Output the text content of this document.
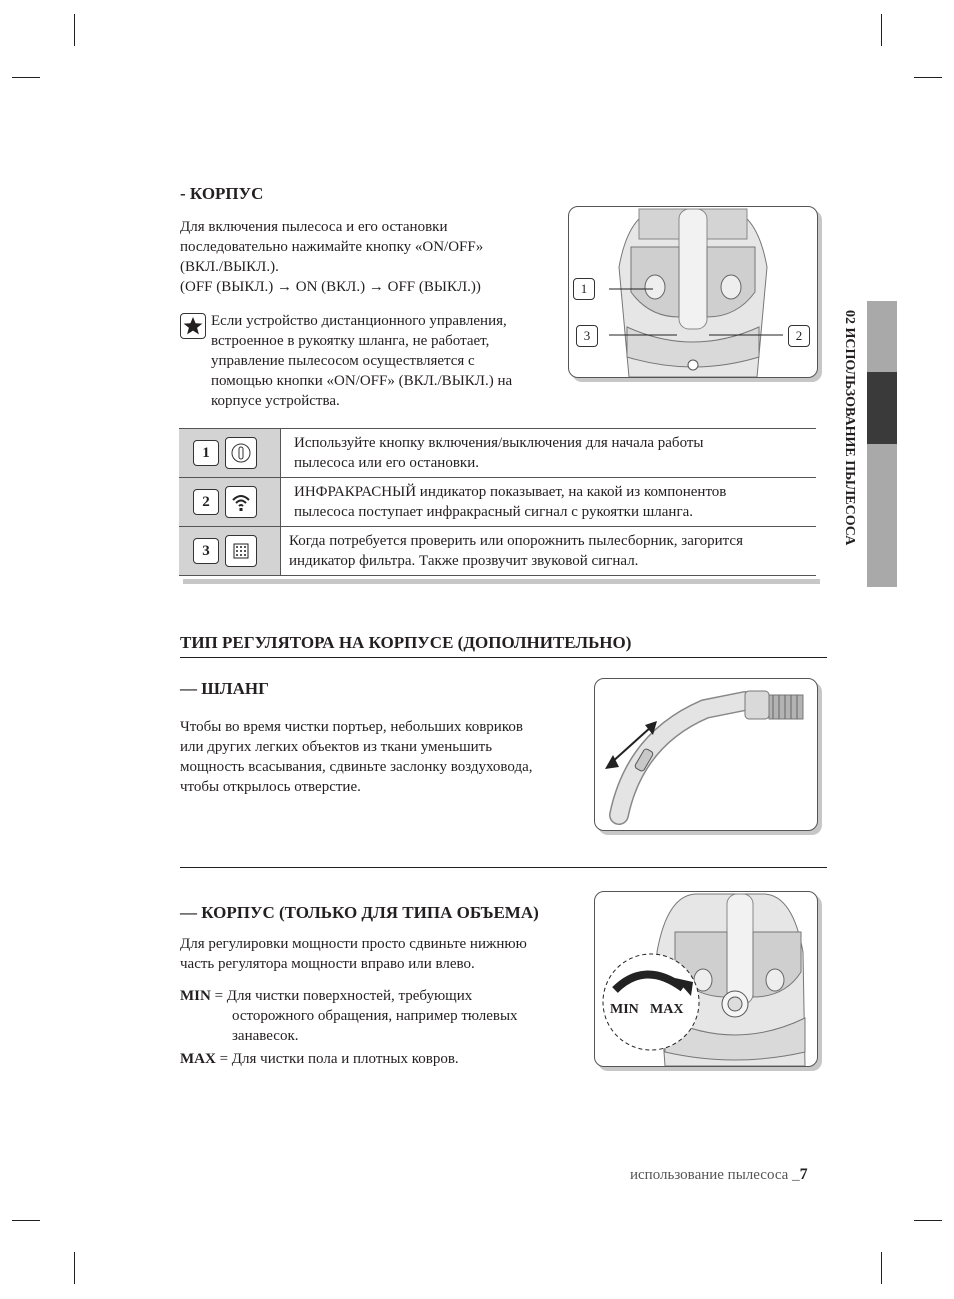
02 ИСПОЛЬЗОВАНИЕ ПЫЛЕСОСА
- КОРПУС

Для включения пылесоса и его остановки

последовательно нажимайте кнопку «ON/OFF»

(ВКЛ./ВЫКЛ.).

(OFF (ВЫКЛ.) → ON (ВКЛ.) → OFF (ВЫКЛ.))

Если устройство дистанционного управления,

встроенное в рукоятку шланга, не работает,

управление пылесосом осуществляется с

помощью кнопки «ON/OFF» (ВКЛ./ВЫКЛ.) на

корпусе устройства.

1
3	2
1	Используйте кнопку включения/выключения для начала работы
пылесоса или его остановки.

2	ИНФРАКРАСНЫЙ индикатор показывает, на какой из компонентов
пылесоса поступает инфракрасный сигнал с рукоятки шланга.

3	Когда потребуется проверить или опорожнить пылесборник, загорится
индикатор фильтра. Также прозвучит звуковой сигнал.
ТИП РЕГУЛЯТОРА НА КОРПУСЕ (ДОПОЛНИТЕЛЬНО)
— ШЛАНГ

Чтобы во время чистки портьер, небольших ковриков

или других легких объектов из ткани уменьшить

мощность всасывания, сдвиньте заслонку воздуховода,

чтобы открылось отверстие.

— КОРПУС (ТОЛЬКО ДЛЯ ТИПА ОБЪЕМА)

Для регулировки мощности просто сдвиньте нижнюю

часть регулятора мощности вправо или влево.

MIN = Для чистки поверхностей, требующих
осторожного обращения, например тюлевых
занавесок.
MAX = Для чистки пола и плотных ковров.
MIN MAX
использование пылесоса _7
